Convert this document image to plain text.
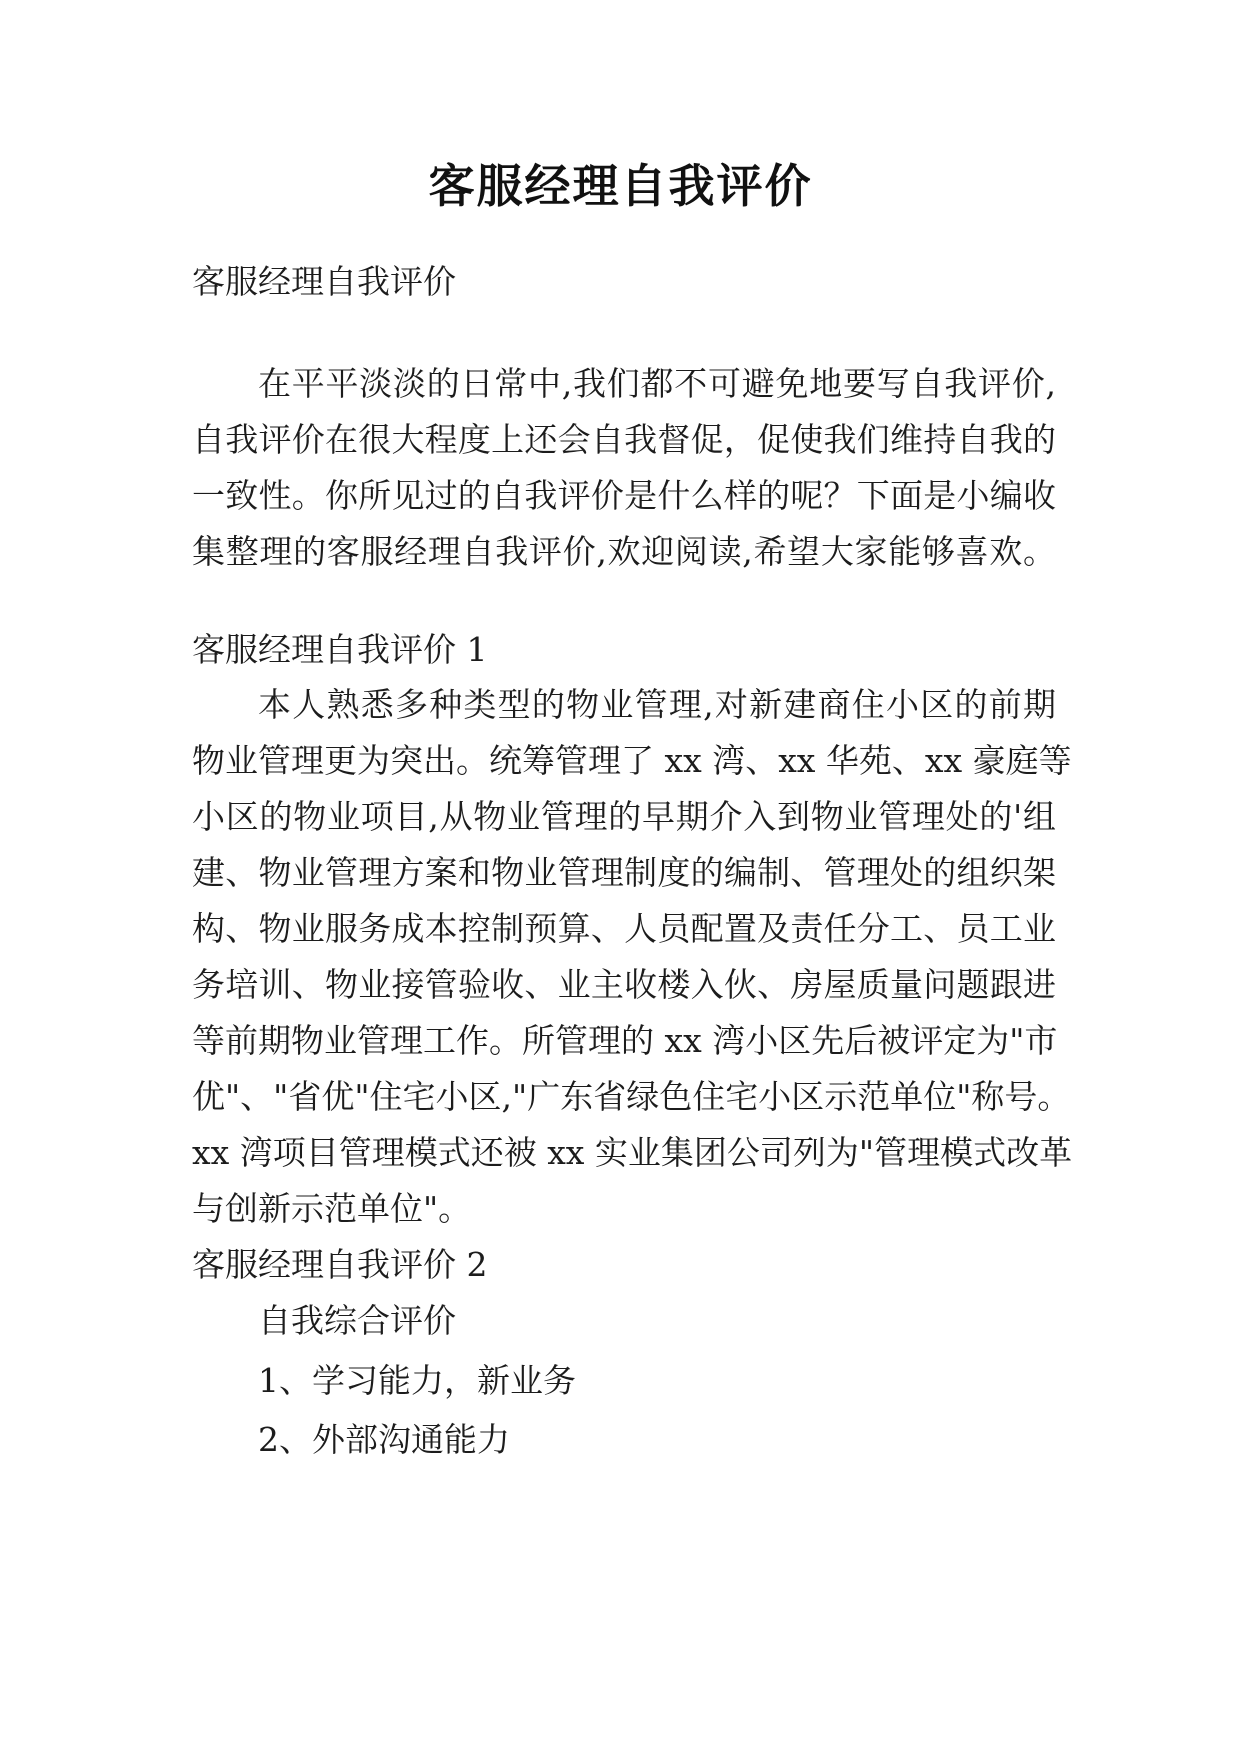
客服经理自我评价
客服经理自我评价
在平平淡淡的日常中,我们都不可避免地要写自我评价,
自我评价在很大程度上还会自我督促，促使我们维持自我的
一致性。你所见过的自我评价是什么样的呢？下面是小编收
集整理的客服经理自我评价,欢迎阅读,希望大家能够喜欢。
客服经理自我评价 1
本人熟悉多种类型的物业管理,对新建商住小区的前期
物业管理更为突出。统筹管理了 xx 湾、xx 华苑、xx 豪庭等
小区的物业项目,从物业管理的早期介入到物业管理处的'组
建、物业管理方案和物业管理制度的编制、管理处的组织架
构、物业服务成本控制预算、人员配置及责任分工、员工业
务培训、物业接管验收、业主收楼入伙、房屋质量问题跟进
等前期物业管理工作。所管理的 xx 湾小区先后被评定为"市
优"、"省优"住宅小区,"广东省绿色住宅小区示范单位"称号。
xx 湾项目管理模式还被 xx 实业集团公司列为"管理模式改革
与创新示范单位"。
客服经理自我评价 2
自我综合评价
1、学习能力，新业务
2、外部沟通能力
